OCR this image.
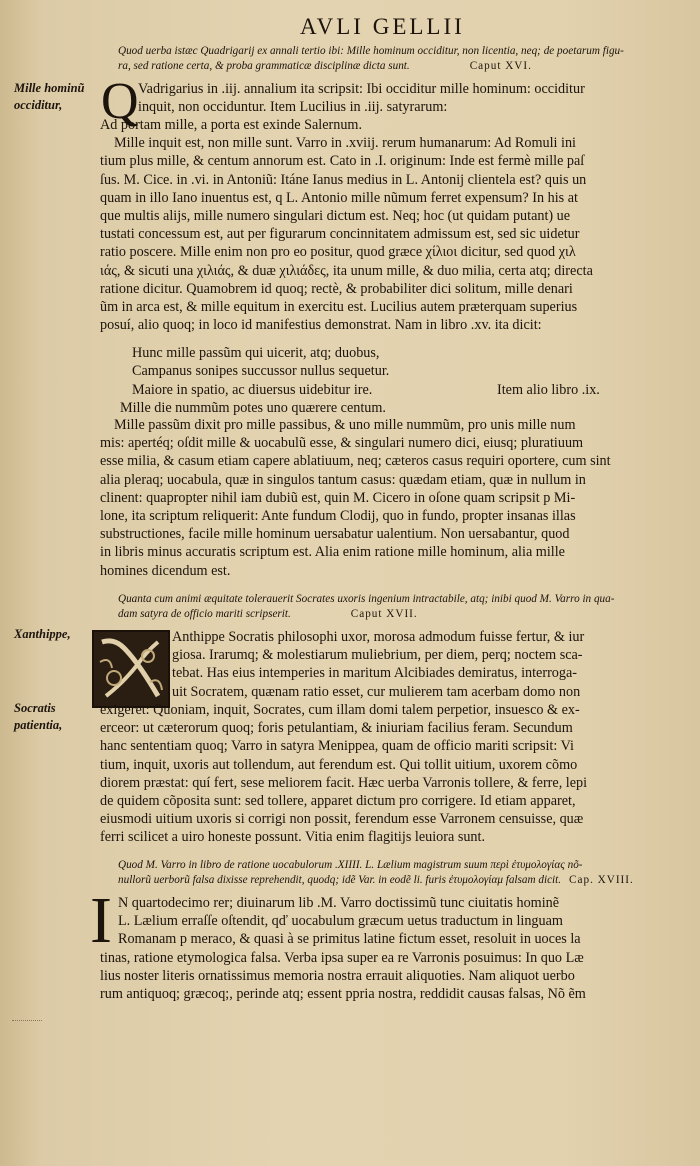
AVLI GELLII
Quod uerba istæc Quadrigarij ex annali tertio ibi: Mille hominum occiditur, non licentia, neq; de poetarum figu-
ra, sed ratione certa, & proba grammaticæ disciplinæ dicta sunt.	Caput XVI.
Mille hominũ
occiditur, Q Vadrigarius in .iij. annalium ita scripsit: Ibi occiditur mille hominum: occiditur
inquit, non occiduntur. Item Lucilius in .iij. satyrarum:
Ad portam mille, a porta est exinde Salernum.
Mille inquit est, non mille sunt. Varro in .xviij. rerum humanarum: Ad Romuli ini
tium plus mille, & centum annorum est. Cato in .I. originum: Inde est fermè mille paſ
ſus. M. Cice. in .vi. in Antoniũ: Itáne Ianus medius in L. Antonij clientela est? quis un
quam in illo Iano inuentus est, q L. Antonio mille nũmum ferret expensum? In his at
que multis alijs, mille numero singulari dictum est. Neq; hoc (ut quidam putant) ue
tustati concessum est, aut per figurarum concinnitatem admissum est, sed sic uidetur
ratio poscere. Mille enim non pro eo positur, quod græce χίλιοι dicitur, sed quod χιλ
ιάς, & sicuti una χιλιάς, & duæ χιλιάδες, ita unum mille, & duo milia, certa atq; directa
ratione dicitur. Quamobrem id quoq; rectè, & probabiliter dici solitum, mille denari
ũm in arca est, & mille equitum in exercitu est. Lucilius autem præterquam superius
posuí, alio quoq; in loco id manifestius demonstrat. Nam in libro .xv. ita dicit:
Hunc mille passũm qui uicerit, atq; duobus,
Campanus sonipes succussor nullus sequetur.
Maiore in spatio, ac diuersus uidebitur ire.	Item alio libro .ix.
Mille die nummũm potes uno quærere centum.
Mille passũm dixit pro mille passibus, & uno mille nummũm, pro unis mille num
mis: apertéq; oſdit mille & uocabulũ esse, & singulari numero dici, eiusq; pluratiuum
esse milia, & casum etiam capere ablatiuum, neq; cæteros casus requiri oportere, cum sint
alia pleraq; uocabula, quæ in singulos tantum casus: quædam etiam, quæ in nullum in
clinent: quapropter nihil iam dubiũ est, quin M. Cicero in oſone quam scripsit p Mi-
lone, ita scriptum reliquerit: Ante fundum Clodij, quo in fundo, propter insanas illas
substructiones, facile mille hominum uersabatur ualentium. Non uersabantur, quod
in libris minus accuratis scriptum est. Alia enim ratione mille hominum, alia mille
homines dicendum est.
Quanta cum animi æquitate tolerauerit Socrates uxoris ingenium intractabile, atq; inibi quod M. Varro in qua-
dam satyra de officio mariti scripserit.	Caput XVII.
Xanthippe,
Socratis
patientia,
Anthippe Socratis philosophi uxor, morosa admodum fuisse fertur, & iur
giosa. Irarumq; & molestiarum muliebrium, per diem, perq; noctem sca-
tebat. Has eius intemperies in maritum Alcibiades demiratus, interroga-
uit Socratem, quænam ratio esset, cur mulierem tam acerbam domo non
exigeret: Quoniam, inquit, Socrates, cum illam domi talem perpetior, insuesco & ex-
erceor: ut cæterorum quoq; foris petulantiam, & iniuriam facilius feram. Secundum
hanc sententiam quoq; Varro in satyra Menippea, quam de officio mariti scripsit: Vi
tium, inquit, uxoris aut tollendum, aut ferendum est. Qui tollit uitium, uxorem cõmo
diorem præstat: quí fert, sese meliorem facit. Hæc uerba Varronis tollere, & ferre, lepi
de quidem cõposita sunt: sed tollere, apparet dictum pro corrigere. Id etiam apparet,
eiusmodi uitium uxoris si corrigi non possit, ferendum esse Varronem censuisse, quæ
ferri scilicet a uiro honeste possunt. Vitia enim flagitijs leuiora sunt.
Quod M. Varro in libro de ratione uocabulorum .XIIII. L. Lælium magistrum suum περὶ ἐτυμολογίας nõ-
nullorũ uerborũ falsa dixisse reprehendit, quodq; idẽ Var. in eodẽ li. furis ἐτυμολογίαμ falsam dicit. Cap. XVIII.
I N quartodecimo rer; diuinarum lib .M. Varro doctissimũ tunc ciuitatis hominẽ
L. Lælium erraſſe oſtendit, qď uocabulum græcum uetus traductum in linguam
Romanam p meraco, & quasi à se primitus latine fictum esset, resoluit in uoces la
tinas, ratione etymologica falsa. Verba ipsa super ea re Varronis posuimus: In quo Læ
lius noster literis ornatissimus memoria nostra errauit aliquoties. Nam aliquot uerbo
rum antiquoq; græcoq;, perinde atq; essent ppria nostra, reddidit causas falsas, Nõ ẽm
